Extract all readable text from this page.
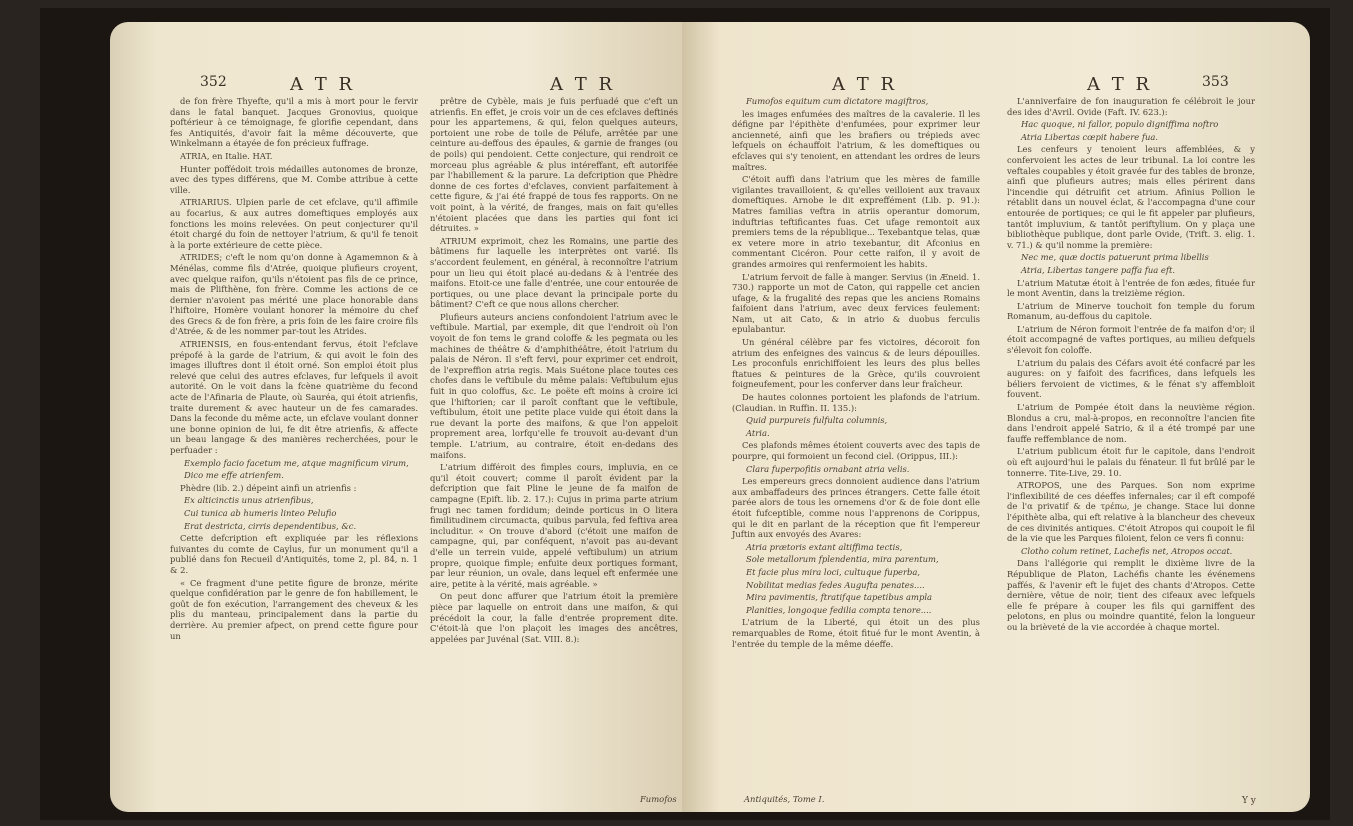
352	A T R	A T R

de fon frère Thyefte, qu'il a mis à mort pour le fervir dans le fatal banquet. Jacques Gronovius, quoique poftérieur à ce témoignage, fe glorifie cependant, dans fes Antiquités, d'avoir fait la même découverte, que Winkelmann a étayée de fon précieux fuffrage.

ATRIA, en Italie. HAT.

Hunter poffédoit trois médailles autonomes de bronze, avec des types différens, que M. Combe attribue à cette ville.

ATRIARIUS. Ulpien parle de cet efclave, qu'il affimile au focarius, & aux autres domeftiques employés aux fonctions les moins relevées. On peut conjecturer qu'il étoit chargé du foin de nettoyer l'atrium, & qu'il fe tenoit à la porte extérieure de cette pièce.

ATRIDES; c'eft le nom qu'on donne à Agamemnon & à Ménélas, comme fils d'Atrée, quoique plufieurs croyent, avec quelque raifon, qu'ils n'étoient pas fils de ce prince, mais de Plifthène, fon frère. Comme les actions de ce dernier n'avoient pas mérité une place honorable dans l'hiftoire, Homère voulant honorer la mémoire du chef des Grecs & de fon frère, a pris foin de les faire croire fils d'Atrée, & de les nommer par-tout les Atrides.

ATRIENSIS, en fous-entendant fervus, étoit l'efclave prépofé à la garde de l'atrium, & qui avoit le foin des images illuftres dont il étoit orné. Son emploi étoit plus relevé que celui des autres efclaves, fur lefquels il avoit autorité. On le voit dans la fcène quatrième du fecond acte de l'Afinaria de Plaute, où Sauréa, qui étoit atrienfis, traite durement & avec hauteur un de fes camarades. Dans la feconde du même acte, un efclave voulant donner une bonne opinion de lui, fe dit être atrienfis, & affecte un beau langage & des manières recherchées, pour le perfuader :

Exemplo facio facetum me, atque magnificum virum,

Dico me effe atrienfem.

Phèdre (lib. 2.) dépeint ainfi un atrienfis :

Ex alticinctis unus atrienfibus,

Cui tunica ab humeris linteo Pelufio

Erat destricta, cirris dependentibus, &c.

Cette defcription eft expliquée par les réflexions fuivantes du comte de Caylus, fur un monument qu'il a publié dans fon Recueil d'Antiquités, tome 2, pl. 84, n. 1 & 2.

« Ce fragment d'une petite figure de bronze, mérite quelque confidération par le genre de fon habillement, le goût de fon exécution, l'arrangement des cheveux & les plis du manteau, principalement dans la partie du derrière. Au premier afpect, on prend cette figure pour un

prêtre de Cybèle, mais je fuis perfuadé que c'eft un atrienfis. En effet, je crois voir un de ces efclaves deftinés pour les appartemens, & qui, felon quelques auteurs, portoient une robe de toile de Pélufe, arrêtée par une ceinture au-deffous des épaules, & garnie de franges (ou de poils) qui pendoient. Cette conjecture, qui rendroit ce morceau plus agréable & plus intéreffant, eft autorifée par l'habillement & la parure. La defcription que Phèdre donne de ces fortes d'efclaves, convient parfaitement à cette figure, & j'ai été frappé de tous fes rapports. On ne voit point, à la vérité, de franges, mais on fait qu'elles n'étoient placées que dans les parties qui font ici détruites. »

ATRIUM exprimoit, chez les Romains, une partie des bâtimens fur laquelle les interprètes ont varié. Ils s'accordent feulement, en général, à reconnoître l'atrium pour un lieu qui étoit placé au-dedans & à l'entrée des maifons. Etoit-ce une falle d'entrée, une cour entourée de portiques, ou une place devant la principale porte du bâtiment? C'eft ce que nous allons chercher.

Plufieurs auteurs anciens confondoient l'atrium avec le veftibule. Martial, par exemple, dit que l'endroit où l'on voyoit de fon tems le grand coloffe & les pegmata ou les machines de théâtre & d'amphithéâtre, étoit l'atrium du palais de Néron. Il s'eft fervi, pour exprimer cet endroit, de l'expreffion atria regis. Mais Suétone place toutes ces chofes dans le veftibule du même palais: Veftibulum ejus fuit in quo coloffus, &c. Le poëte eft moins à croire ici que l'hiftorien; car il paroît conftant que le veftibule, veftibulum, étoit une petite place vuide qui étoit dans la rue devant la porte des maifons, & que l'on appeloit proprement area, lorfqu'elle fe trouvoit au-devant d'un temple. L'atrium, au contraire, étoit en-dedans des maifons.

L'atrium différoit des fimples cours, impluvia, en ce qu'il étoit couvert; comme il paroît évident par la defcription que fait Pline le jeune de fa maifon de campagne (Epift. lib. 2. 17.): Cujus in prima parte atrium frugi nec tamen fordidum; deinde porticus in O litera fimilitudinem circumacta, quibus parvula, fed feftiva area includitur. « On trouve d'abord (c'étoit une maifon de campagne, qui, par conféquent, n'avoit pas au-devant d'elle un terrein vuide, appelé veftibulum) un atrium propre, quoique fimple; enfuite deux portiques formant, par leur réunion, un ovale, dans lequel eft enfermée une aire, petite à la vérité, mais agréable. »

On peut donc affurer que l'atrium étoit la première pièce par laquelle on entroit dans une maifon, & qui précédoit la cour, la falle d'entrée proprement dite. C'étoit-là que l'on plaçoit les images des ancêtres, appelées par Juvénal (Sat. VIII. 8.):

Fumofos
A T R	A T R	353

Fumofos equitum cum dictatore magiftros,

les images enfumées des maîtres de la cavalerie. Il les défigne par l'épithète d'enfumées, pour exprimer leur ancienneté, ainfi que les brafiers ou trépieds avec lefquels on échauffoit l'atrium, & les domeftiques ou efclaves qui s'y tenoient, en attendant les ordres de leurs maîtres.

C'étoit auffi dans l'atrium que les mères de famille vigilantes travailloient, & qu'elles veilloient aux travaux domeftiques. Arnobe le dit expreffément (Lib. p. 91.): Matres familias veftra in atriis operantur domorum, induftrias teftificantes fuas. Cet ufage remontoit aux premiers tems de la république... Texebantque telas, quæ ex vetere more in atrio texebantur, dit Afconius en commentant Cicéron. Pour cette raifon, il y avoit de grandes armoires qui renfermoient les habits.

L'atrium fervoit de falle à manger. Servius (in Æneid. 1. 730.) rapporte un mot de Caton, qui rappelle cet ancien ufage, & la frugalité des repas que les anciens Romains faifoient dans l'atrium, avec deux fervices feulement: Nam, ut ait Cato, & in atrio & duobus ferculis epulabantur.

Un général célèbre par fes victoires, décoroit fon atrium des enfeignes des vaincus & de leurs dépouilles. Les proconfuls enrichiffoient les leurs des plus belles ftatues & peintures de la Grèce, qu'ils couvroient foigneufement, pour les conferver dans leur fraîcheur.

De hautes colonnes portoient les plafonds de l'atrium. (Claudian. in Ruffin. II. 135.):

Quid purpureis fulfulta columnis,

Atria.

Ces plafonds mêmes étoient couverts avec des tapis de pourpre, qui formoient un fecond ciel. (Orippus, III.):

Clara fuperpofitis ornabant atria velis.

Les empereurs grecs donnoient audience dans l'atrium aux ambaffadeurs des princes étrangers. Cette falle étoit parée alors de tous les ornemens d'or & de foie dont elle étoit fufceptible, comme nous l'apprenons de Corippus, qui le dit en parlant de la réception que fit l'empereur Juftin aux envoyés des Avares:

Atria prætoris extant altiffima tectis,

Sole metallorum fplendentia, mira parentum,

Et facie plus mira loci, cultuque fuperba,

Nobilitat medias fedes Augufta penates....

Mira pavimentis, ftratifque tapetibus ampla

Planities, longoque fedilia compta tenore....

L'atrium de la Liberté, qui étoit un des plus remarquables de Rome, étoit fitué fur le mont Aventin, à l'entrée du temple de la même déeffe.

L'anniverfaire de fon inauguration fe célébroit le jour des ides d'Avril. Ovide (Faft. IV. 623.):

Hac quoque, ni fallor, populo digniffima noftro

Atria Libertas cœpit habere fua.

Les cenfeurs y tenoient leurs affemblées, & y confervoient les actes de leur tribunal. La loi contre les veftales coupables y étoit gravée fur des tables de bronze, ainfi que plufieurs autres; mais elles périrent dans l'incendie qui détruifit cet atrium. Afinius Pollion le rétablit dans un nouvel éclat, & l'accompagna d'une cour entourée de portiques; ce qui le fit appeler par plufieurs, tantôt impluvium, & tantôt periftylium. On y plaça une bibliothèque publique, dont parle Ovide, (Trift. 3. elig. 1. v. 71.) & qu'il nomme la première:

Nec me, quæ doctis patuerunt prima libellis

Atria, Libertas tangere paffa fua eft.

L'atrium Matutæ étoit à l'entrée de fon ædes, fituée fur le mont Aventin, dans la treizième région.

L'atrium de Minerve touchoit fon temple du forum Romanum, au-deffous du capitole.

L'atrium de Néron formoit l'entrée de fa maifon d'or; il étoit accompagné de vaftes portiques, au milieu defquels s'élevoit fon coloffe.

L'atrium du palais des Céfars avoit été confacré par les augures: on y faifoit des facrifices, dans lefquels les béliers fervoient de victimes, & le fénat s'y affembloit fouvent.

L'atrium de Pompée étoit dans la neuvième région. Blondus a cru, mal-à-propos, en reconnoître l'ancien fite dans l'endroit appelé Satrio, & il a été trompé par une fauffe reffemblance de nom.

L'atrium publicum étoit fur le capitole, dans l'endroit où eft aujourd'hui le palais du fénateur. Il fut brûlé par le tonnerre. Tite-Live, 29. 10.

ATROPOS, une des Parques. Son nom exprime l'inflexibilité de ces déeffes infernales; car il eft compofé de l'α privatif & de τρέπω, je change. Stace lui donne l'épithète alba, qui eft relative à la blancheur des cheveux de ces divinités antiques. C'étoit Atropos qui coupoit le fil de la vie que les Parques filoient, felon ce vers fi connu:

Clotho colum retinet, Lachefis net, Atropos occat.

Dans l'allégorie qui remplit le dixième livre de la République de Platon, Lachéfis chante les événemens paffés, & l'avenir eft le fujet des chants d'Atropos. Cette dernière, vêtue de noir, tient des cifeaux avec lefquels elle fe prépare à couper les fils qui garniffent des pelotons, en plus ou moindre quantité, felon la longueur ou la brièveté de la vie accordée à chaque mortel.

Antiquités, Tome I.	Y y
